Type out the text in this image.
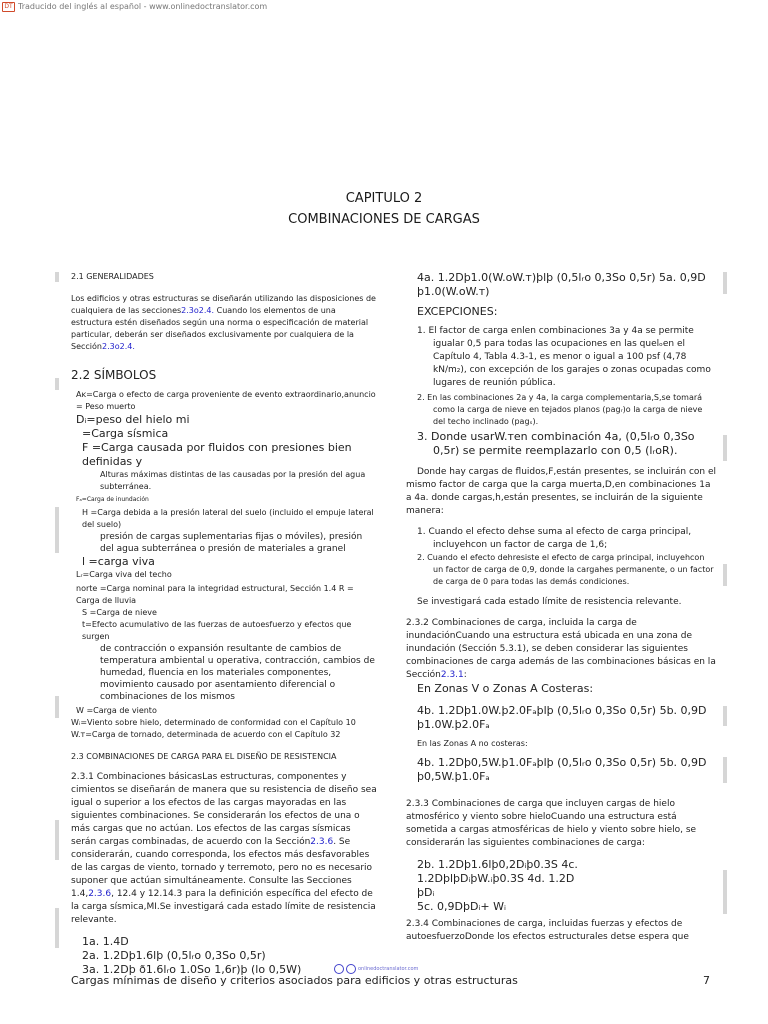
DT Traducido del inglés al español - www.onlinedoctranslator.com
CAPITULO 2
COMBINACIONES DE CARGAS

2.1 GENERALIDADES

Los edificios y otras estructuras se diseñarán utilizando las disposiciones de cualquiera de las secciones2.3o2.4. Cuando los elementos de una estructura estén diseñados según una norma o especificación de material particular, deberán ser diseñados exclusivamente por cualquiera de la Sección2.3o2.4.

2.2 SÍMBOLOS

Aᴋ=Carga o efecto de carga proveniente de evento extraordinario,anuncio = Peso muerto

Dᵢ=peso del hielo mi

=Carga sísmica

F =Carga causada por fluidos con presiones bien definidas y

Alturas máximas distintas de las causadas por la presión del agua subterránea.

Fₐ=Carga de inundación

H =Carga debida a la presión lateral del suelo (incluido el empuje lateral del suelo)

presión de cargas suplementarias fijas o móviles), presión del agua subterránea o presión de materiales a granel

l =carga viva

Lᵣ=Carga viva del techo

norte =Carga nominal para la integridad estructural, Sección 1.4 R = Carga de lluvia

S =Carga de nieve

t=Efecto acumulativo de las fuerzas de autoesfuerzo y efectos que surgen

de contracción o expansión resultante de cambios de temperatura ambiental u operativa, contracción, cambios de humedad, fluencia en los materiales componentes, movimiento causado por asentamiento diferencial o combinaciones de los mismos

W =Carga de viento

Wᵢ=Viento sobre hielo, determinado de conformidad con el Capítulo 10

W.ᴛ=Carga de tornado, determinada de acuerdo con el Capítulo 32

2.3 COMBINACIONES DE CARGA PARA EL DISEÑO DE RESISTENCIA

2.3.1 Combinaciones básicasLas estructuras, componentes y cimientos se diseñarán de manera que su resistencia de diseño sea igual o superior a los efectos de las cargas mayoradas en las siguientes combinaciones. Se considerarán los efectos de una o más cargas que no actúan. Los efectos de las cargas sísmicas serán cargas combinadas, de acuerdo con la Sección2.3.6. Se considerarán, cuando corresponda, los efectos más desfavorables de las cargas de viento, tornado y terremoto, pero no es necesario suponer que actúan simultáneamente. Consulte las Secciones 1.4,2.3.6, 12.4 y 12.14.3 para la definición específica del efecto de la carga sísmica,MI.Se investigará cada estado límite de resistencia relevante.

1a. 1.4D

2a. 1.2Dþ1.6lþ (0,5lᵣo 0,3So 0,5r)

3a. 1.2Dþ ð1.6lᵣo 1.0So 1,6r)þ (lo 0,5W)

4a. 1.2Dþ1.0(W.oW.ᴛ)þlþ (0,5lᵣo 0,3So 0,5r) 5a. 0,9D þ1.0(W.oW.ᴛ)

EXCEPCIONES:

1. El factor de carga enlen combinaciones 3a y 4a se permite igualar 0,5 para todas las ocupaciones en las quelₒen el Capítulo 4, Tabla 4.3-1, es menor o igual a 100 psf (4,78 kN/m₂), con excepción de los garajes o zonas ocupadas como lugares de reunión pública.

2. En las combinaciones 2a y 4a, la carga complementaria,S,se tomará como la carga de nieve en tejados planos (pagᵣ)o la carga de nieve del techo inclinado (pagₛ).

3. Donde usarW.ᴛen combinación 4a, (0,5lᵣo 0,3So 0,5r) se permite reemplazarlo con 0,5 (lᵣoR).

Donde hay cargas de fluidos,F,están presentes, se incluirán con el mismo factor de carga que la carga muerta,D,en combinaciones 1a a 4a. donde cargas,h,están presentes, se incluirán de la siguiente manera:

1. Cuando el efecto dehse suma al efecto de carga principal, incluyehcon un factor de carga de 1,6;

2. Cuando el efecto dehresiste el efecto de carga principal, incluyehcon un factor de carga de 0,9, donde la cargahes permanente, o un factor de carga de 0 para todas las demás condiciones.

Se investigará cada estado límite de resistencia relevante.

2.3.2 Combinaciones de carga, incluida la carga de inundaciónCuando una estructura está ubicada en una zona de inundación (Sección 5.3.1), se deben considerar las siguientes combinaciones de carga además de las combinaciones básicas en la Sección2.3.1:

En Zonas V o Zonas A Costeras:

4b. 1.2Dþ1.0W.þ2.0Fₐþlþ (0,5lᵣo 0,3So 0,5r) 5b. 0,9D þ1.0W.þ2.0Fₐ

En las Zonas A no costeras:

4b. 1.2Dþ0,5W.þ1.0Fₐþlþ (0,5lᵣo 0,3So 0,5r) 5b. 0,9D þ0,5W.þ1.0Fₐ

2.3.3 Combinaciones de carga que incluyen cargas de hielo atmosférico y viento sobre hieloCuando una estructura está sometida a cargas atmosféricas de hielo y viento sobre hielo, se considerarán las siguientes combinaciones de carga:

2b. 1.2Dþ1.6lþ0,2Dᵢþ0.3S 4c.

1.2DþlþDᵢþW.ᵢþ0.3S 4d. 1.2D

þDᵢ

5c. 0,9DþDᵢ+ Wᵢ

2.3.4 Combinaciones de carga, incluidas fuerzas y efectos de autoesfuerzoDonde los efectos estructurales detse espera que

onlinedoctranslator.com
Cargas mínimas de diseño y criterios asociados para edificios y otras estructuras	7
